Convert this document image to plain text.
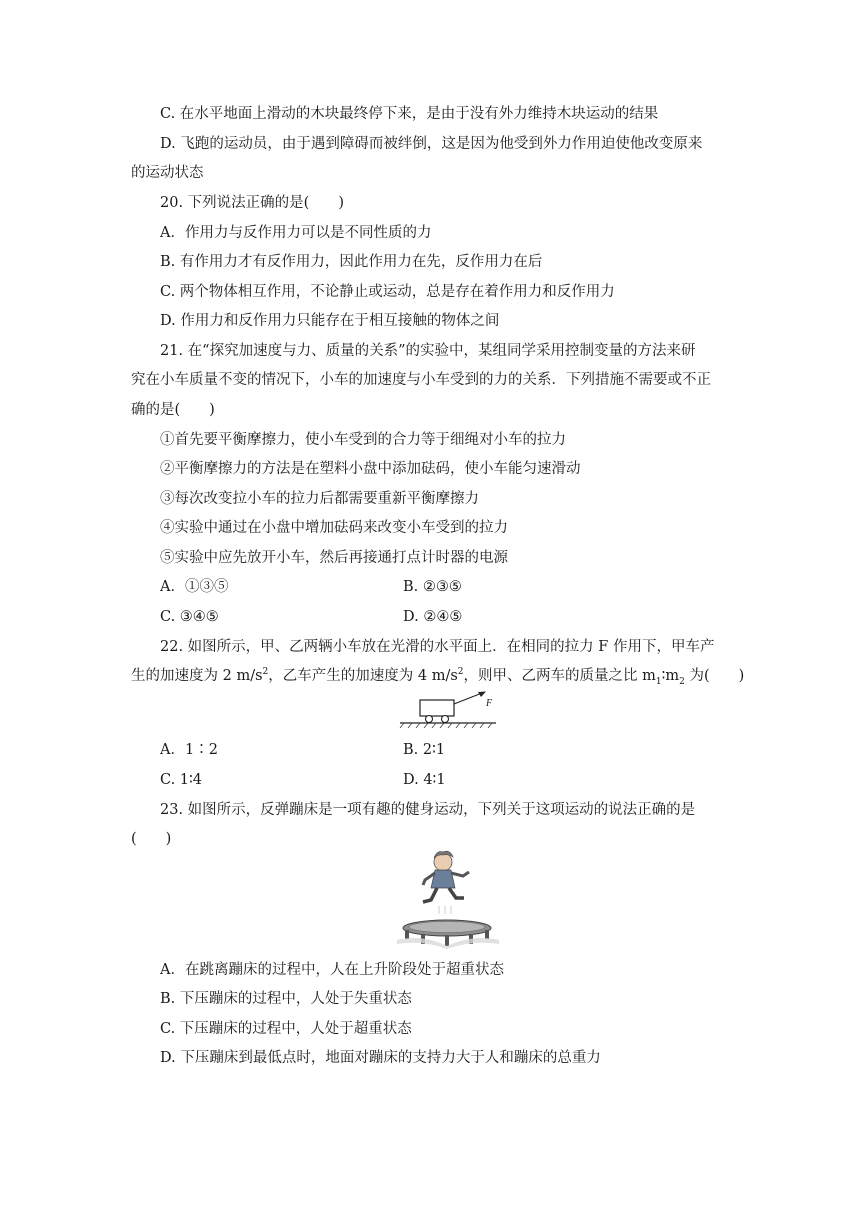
C. 在水平地面上滑动的木块最终停下来，是由于没有外力维持木块运动的结果
D. 飞跑的运动员，由于遇到障碍而被绊倒，这是因为他受到外力作用迫使他改变原来
的运动状态
20. 下列说法正确的是(　　)
A．作用力与反作用力可以是不同性质的力
B. 有作用力才有反作用力，因此作用力在先，反作用力在后
C. 两个物体相互作用，不论静止或运动，总是存在着作用力和反作用力
D. 作用力和反作用力只能存在于相互接触的物体之间
21. 在“探究加速度与力、质量的关系”的实验中，某组同学采用控制变量的方法来研
究在小车质量不变的情况下，小车的加速度与小车受到的力的关系．下列措施不需要或不正
确的是(　　)
①首先要平衡摩擦力，使小车受到的合力等于细绳对小车的拉力
②平衡摩擦力的方法是在塑料小盘中添加砝码，使小车能匀速滑动
③每次改变拉小车的拉力后都需要重新平衡摩擦力
④实验中通过在小盘中增加砝码来改变小车受到的拉力
⑤实验中应先放开小车，然后再接通打点计时器的电源
A．①③⑤	B. ②③⑤
C. ③④⑤	D. ②④⑤
22. 如图所示，甲、乙两辆小车放在光滑的水平面上．在相同的拉力 F 作用下，甲车产
生的加速度为 2 $m/s^2$，乙车产生的加速度为 4 $m/s^2$，则甲、乙两车的质量之比 $m_1∶m_2$ 为(　　)
F
A．1∶2	B. 2∶1
C. 1∶4	D. 4∶1
23. 如图所示，反弹蹦床是一项有趣的健身运动，下列关于这项运动的说法正确的是
(　　)
A．在跳离蹦床的过程中，人在上升阶段处于超重状态
B. 下压蹦床的过程中，人处于失重状态
C. 下压蹦床的过程中，人处于超重状态
D. 下压蹦床到最低点时，地面对蹦床的支持力大于人和蹦床的总重力
